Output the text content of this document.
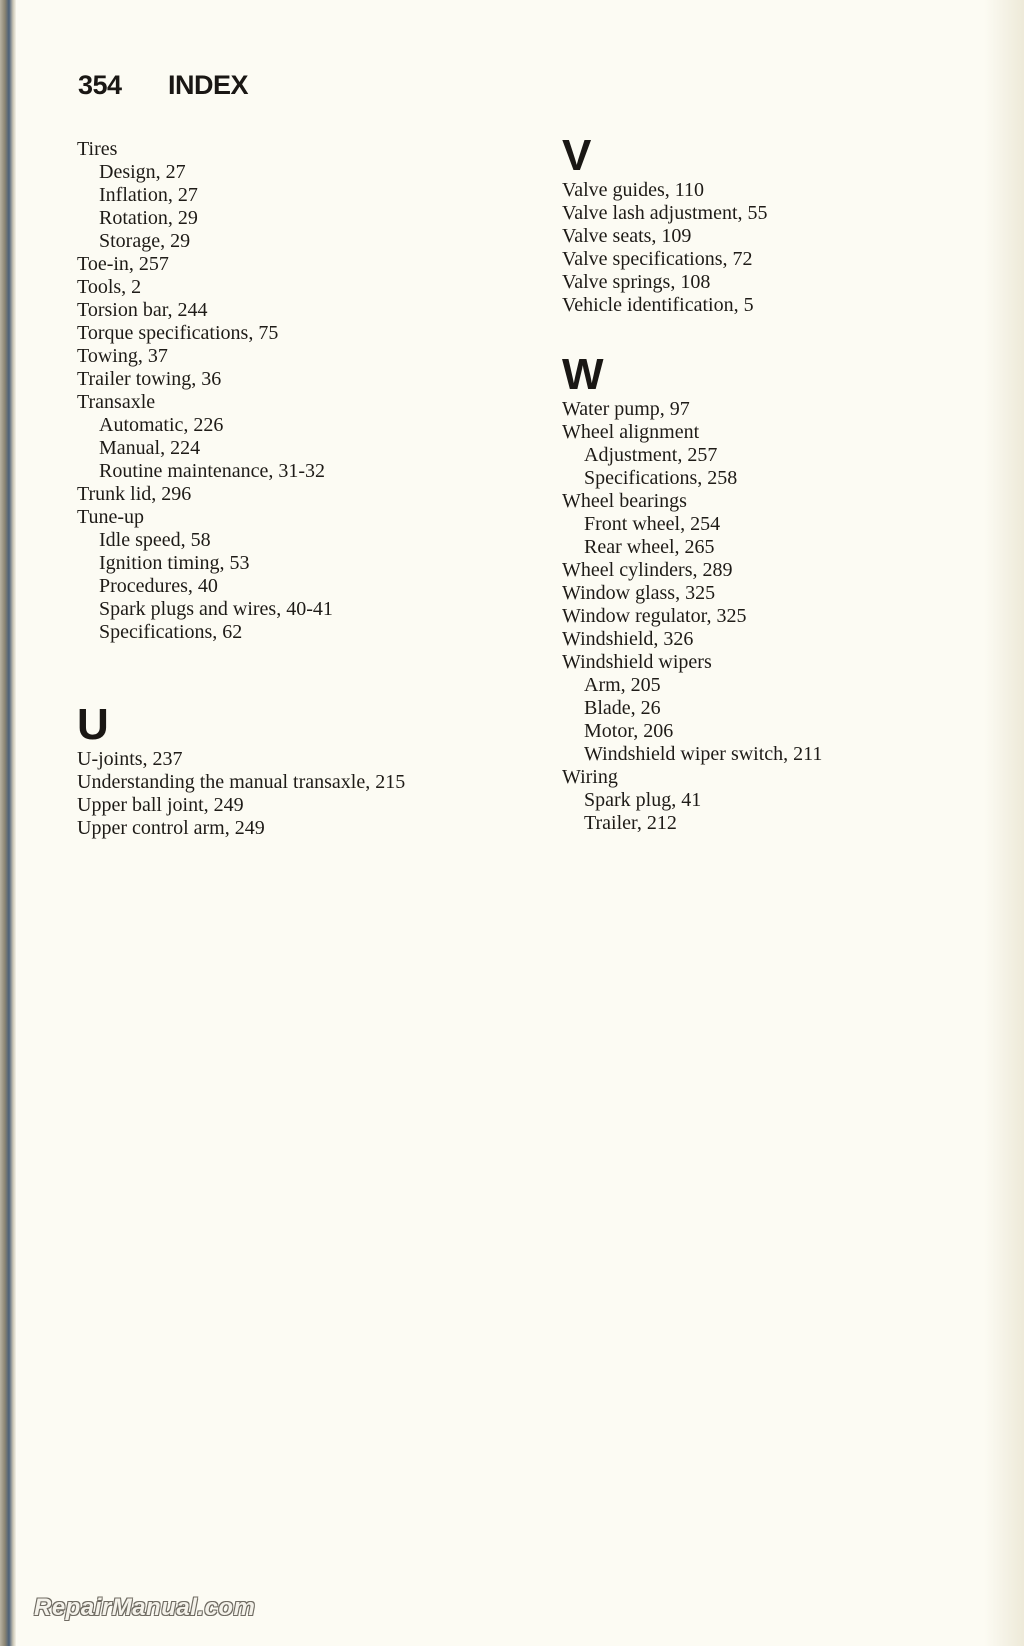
354 INDEX
Tires
Design, 27
Inflation, 27
Rotation, 29
Storage, 29
Toe-in, 257
Tools, 2
Torsion bar, 244
Torque specifications, 75
Towing, 37
Trailer towing, 36
Transaxle
Automatic, 226
Manual, 224
Routine maintenance, 31-32
Trunk lid, 296
Tune-up
Idle speed, 58
Ignition timing, 53
Procedures, 40
Spark plugs and wires, 40-41
Specifications, 62
U
U-joints, 237
Understanding the manual transaxle, 215
Upper ball joint, 249
Upper control arm, 249
V
Valve guides, 110
Valve lash adjustment, 55
Valve seats, 109
Valve specifications, 72
Valve springs, 108
Vehicle identification, 5
W
Water pump, 97
Wheel alignment
Adjustment, 257
Specifications, 258
Wheel bearings
Front wheel, 254
Rear wheel, 265
Wheel cylinders, 289
Window glass, 325
Window regulator, 325
Windshield, 326
Windshield wipers
Arm, 205
Blade, 26
Motor, 206
Windshield wiper switch, 211
Wiring
Spark plug, 41
Trailer, 212
RepairManual.com
